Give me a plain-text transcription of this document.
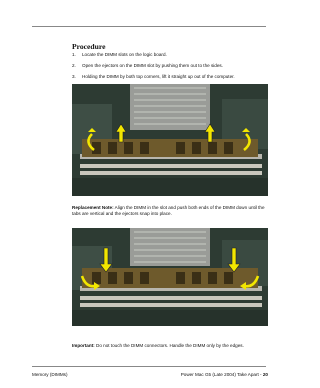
Procedure
1.	Locate the DIMM slots on the logic board.
2.	Open the ejectors on the DIMM slot by pushing them out to the sides.
3.	Holding the DIMM by both top corners, lift it straight up out of the computer.

Replacement Note: Align the DIMM in the slot and push both ends of the DIMM down until the tabs are vertical and the ejectors snap into place.

Important: Do not touch the DIMM connectors. Handle the DIMM only by the edges.

Memory (DIMMs)	Power Mac G5 (Late 2004) Take Apart - 20
